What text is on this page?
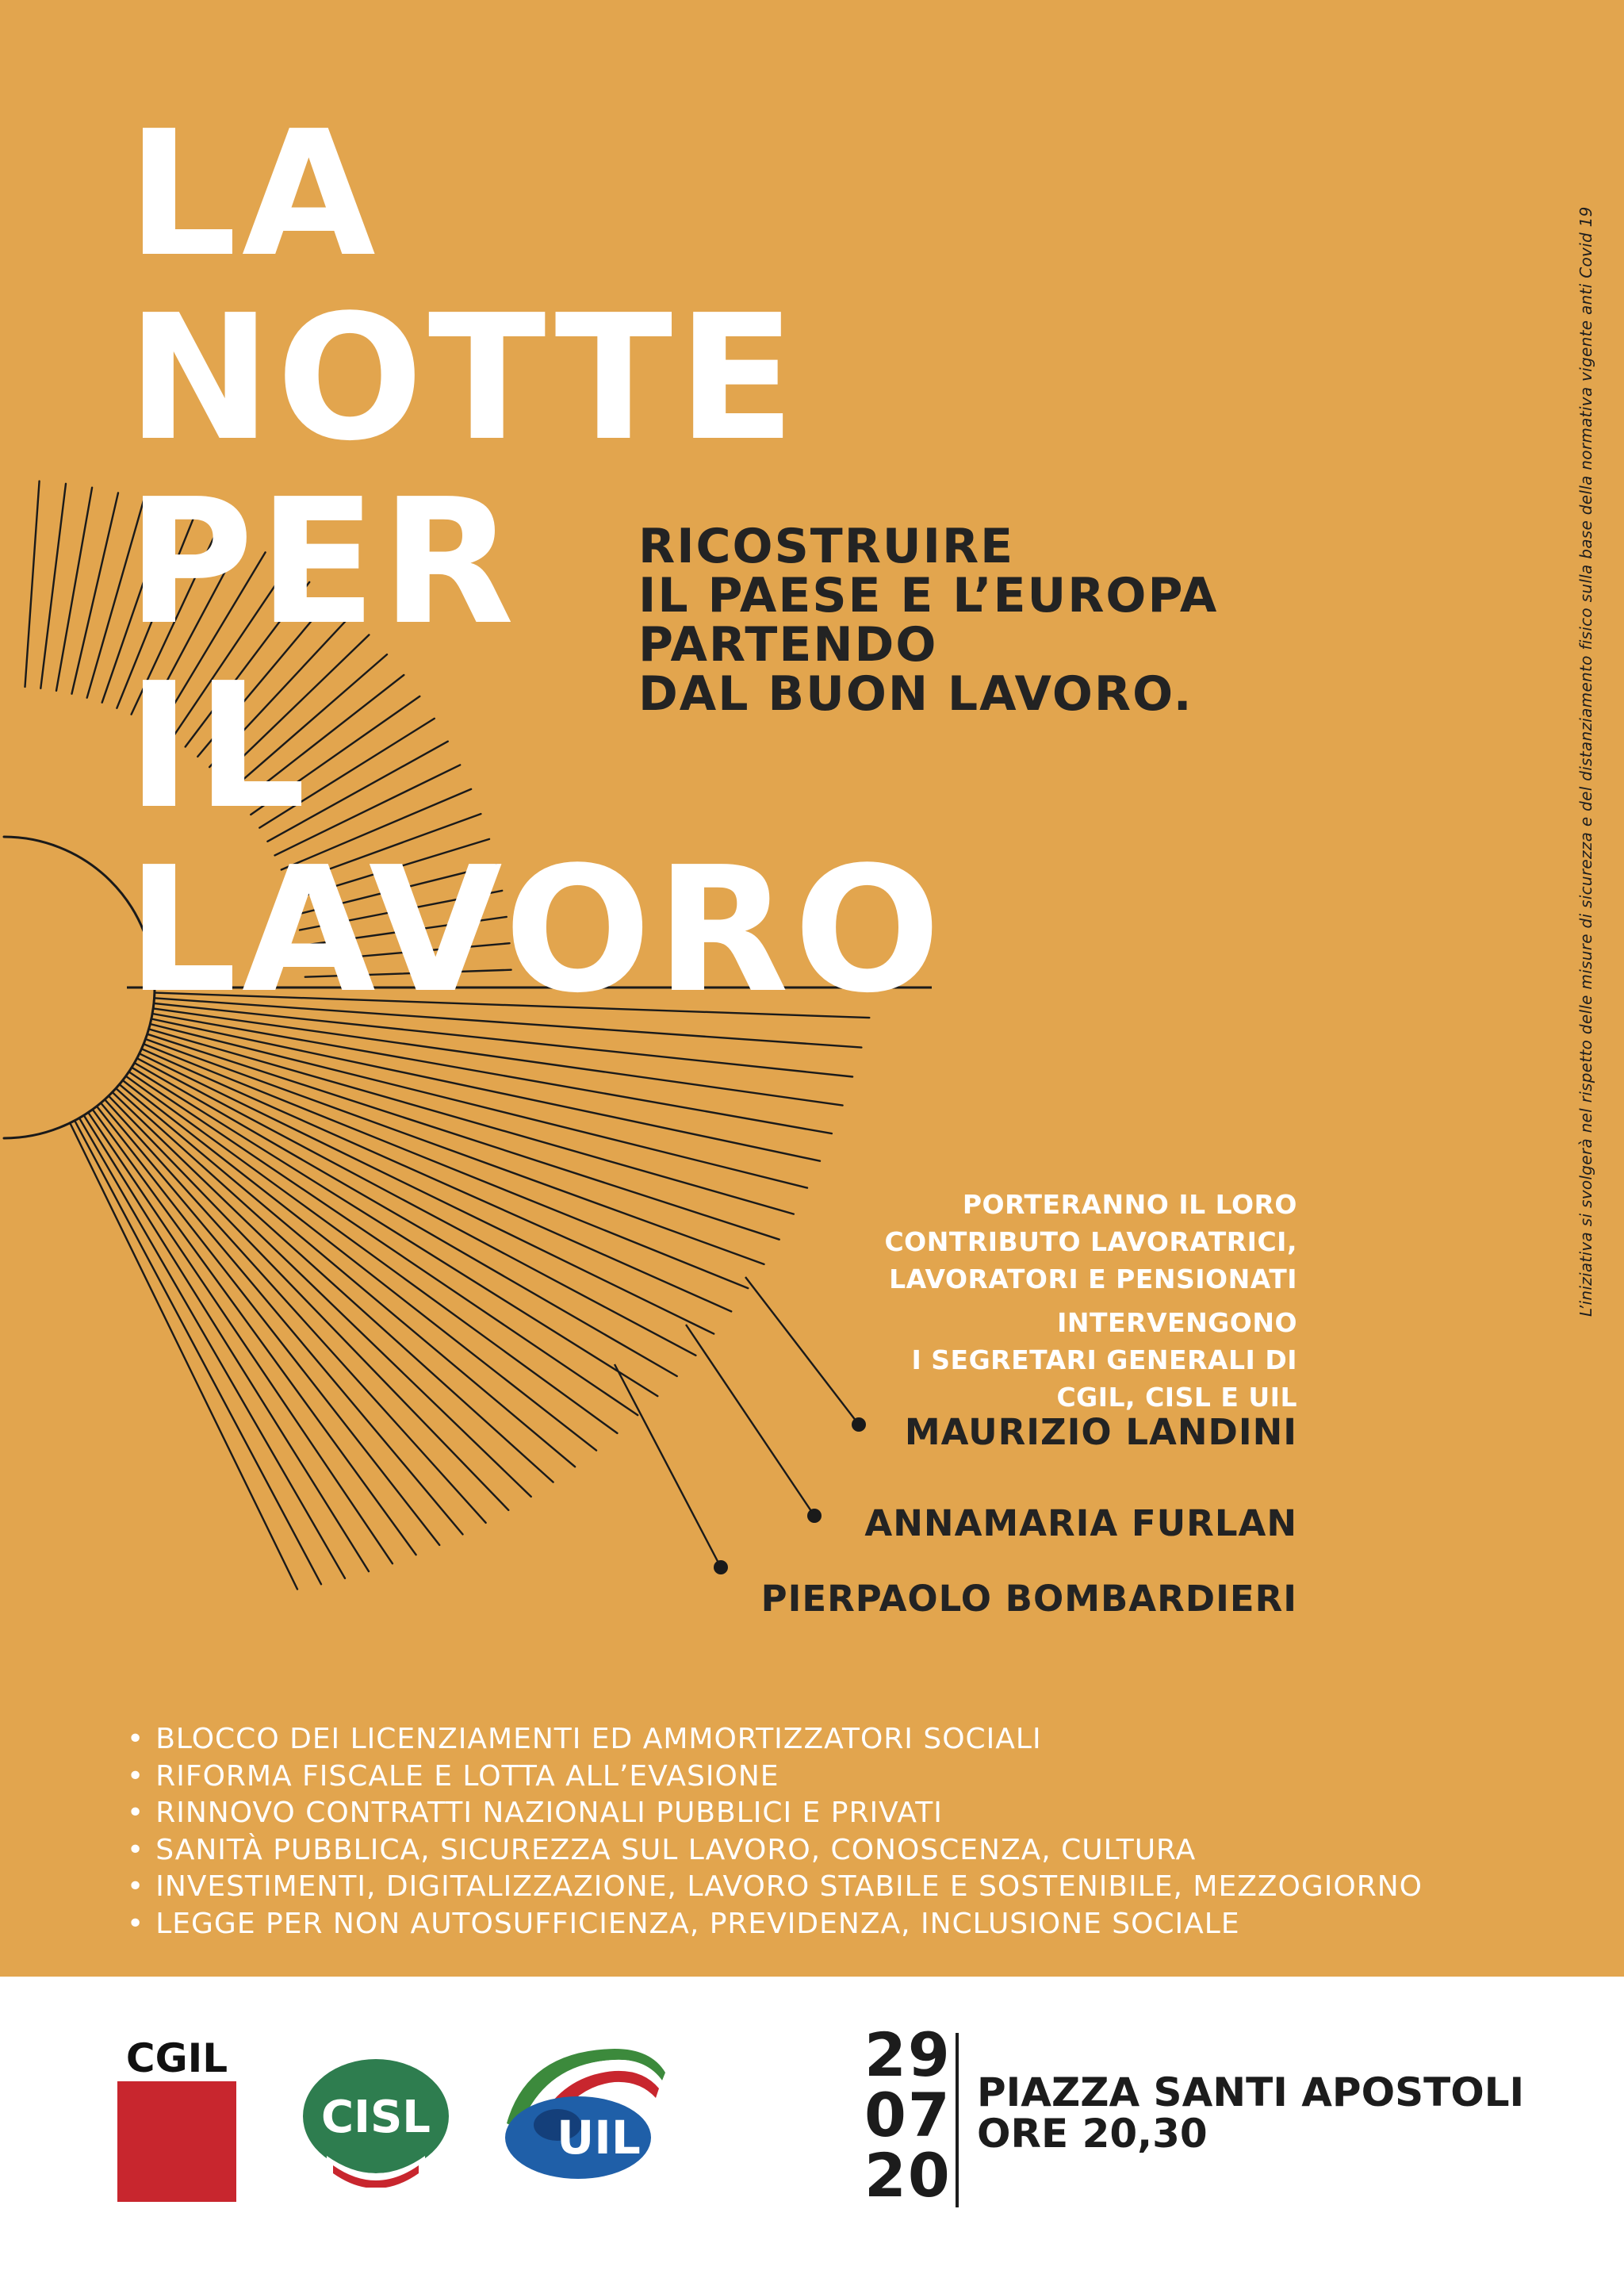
LA
NOTTE
PER
IL
LAVORO
RICOSTRUIRE
IL PAESE E L’EUROPA
PARTENDO
DAL BUON LAVORO.
PORTERANNO IL LORO
CONTRIBUTO LAVORATRICI,
LAVORATORI E PENSIONATI
INTERVENGONO
I SEGRETARI GENERALI DI
CGIL, CISL E UIL

MAURIZIO LANDINI

ANNAMARIA FURLAN

PIERPAOLO BOMBARDIERI

L’iniziativa si svolgerà nel rispetto delle misure di sicurezza e del distanziamento fisico sulla base della normativa vigente anti Covid 19
• BLOCCO DEI LICENZIAMENTI ED AMMORTIZZATORI SOCIALI
• RIFORMA FISCALE E LOTTA ALL’EVASIONE
• RINNOVO CONTRATTI NAZIONALI PUBBLICI E PRIVATI
• SANITÀ PUBBLICA, SICUREZZA SUL LAVORO, CONOSCENZA, CULTURA
• INVESTIMENTI, DIGITALIZZAZIONE, LAVORO STABILE E SOSTENIBILE, MEZZOGIORNO
• LEGGE PER NON AUTOSUFFICIENZA, PREVIDENZA, INCLUSIONE SOCIALE
CGIL
CISL	UIL
29
07
20
PIAZZA SANTI APOSTOLI
ORE 20,30
